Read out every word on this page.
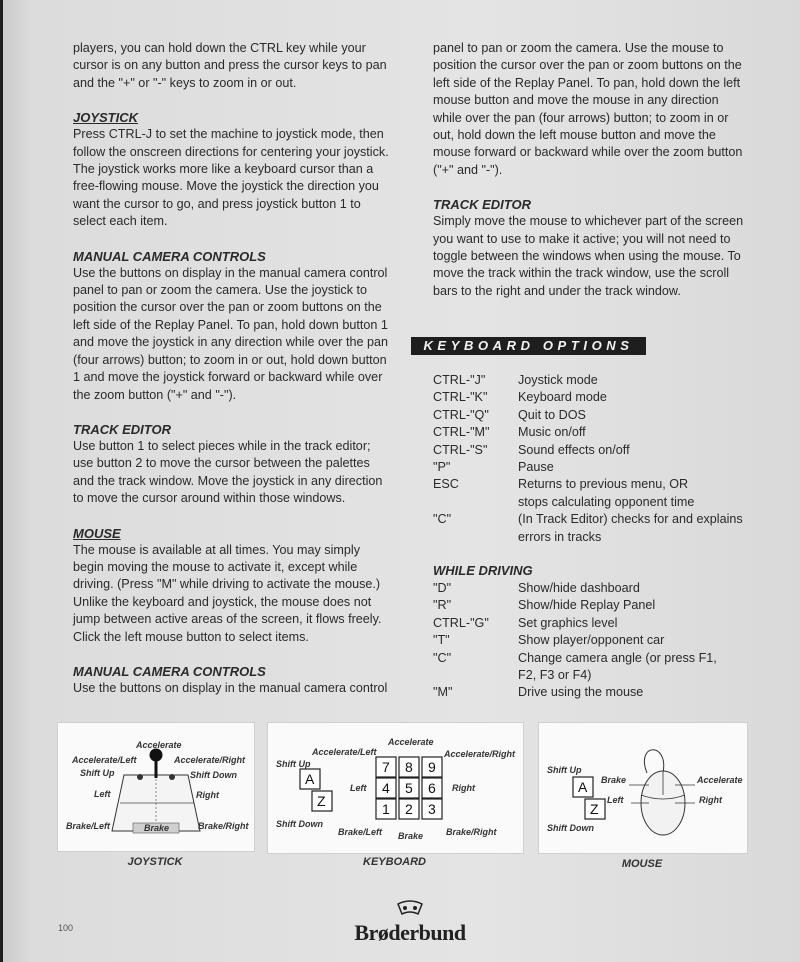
players, you can hold down the CTRL key while your cursor is on any button and press the cursor keys to pan and the "+" or "-" keys to zoom in or out.

JOYSTICK

Press CTRL-J to set the machine to joystick mode, then follow the onscreen directions for centering your joystick. The joystick works more like a keyboard cursor than a free-flowing mouse. Move the joystick the direction you want the cursor to go, and press joystick button 1 to select each item.

MANUAL CAMERA CONTROLS

Use the buttons on display in the manual camera control panel to pan or zoom the camera. Use the joystick to position the cursor over the pan or zoom buttons on the left side of the Replay Panel. To pan, hold down button 1 and move the joystick in any direction while over the pan (four arrows) button; to zoom in or out, hold down button 1 and move the joystick forward or backward while over the zoom button ("+" and "-").

TRACK EDITOR

Use button 1 to select pieces while in the track editor; use button 2 to move the cursor between the palettes and the track window. Move the joystick in any direction to move the cursor around within those windows.

MOUSE

The mouse is available at all times. You may simply begin moving the mouse to activate it, except while driving. (Press "M" while driving to activate the mouse.) Unlike the keyboard and joystick, the mouse does not jump between active areas of the screen, it flows freely. Click the left mouse button to select items.

MANUAL CAMERA CONTROLS

Use the buttons on display in the manual camera control

panel to pan or zoom the camera. Use the mouse to position the cursor over the pan or zoom buttons on the left side of the Replay Panel. To pan, hold down the left mouse button and move the mouse in any direction while over the pan (four arrows) button; to zoom in or out, hold down the left mouse button and move the mouse forward or backward while over the zoom button ("+" and "-").

TRACK EDITOR

Simply move the mouse to whichever part of the screen you want to use to make it active; you will not need to toggle between the windows when using the mouse. To move the track within the track window, use the scroll bars to the right and under the track window.

KEYBOARD OPTIONS
CTRL-"J"	Joystick mode
CTRL-"K"	Keyboard mode
CTRL-"Q"	Quit to DOS
CTRL-"M"	Music on/off
CTRL-"S"	Sound effects on/off
"P"	Pause
ESC	Returns to previous menu, OR
stops calculating opponent time
"C"	(In Track Editor) checks for and explains
errors in tracks

WHILE DRIVING

"D"	Show/hide dashboard
"R"	Show/hide Replay Panel
CTRL-"G"	Set graphics level
"T"	Show player/opponent car
"C"	Change camera angle (or press F1,
F2, F3 or F4)
"M"	Drive using the mouse
Accelerate
Accelerate/Left	Accelerate/Right
Shift Up	Shift Down
Left	Right
Brake/Left	Brake	Brake/Right
JOYSTICK
Accelerate
Accelerate/Left	Accelerate/Right
Shift Up
Left	Right
Shift Down
Brake/Left Brake	Brake/Right
A
Z
7 8 9
4 5 6
1 2 3
KEYBOARD
Shift Up
Shift Down
Brake
Left
Accelerate
Right
A
Z
MOUSE
100	Brøderbund
